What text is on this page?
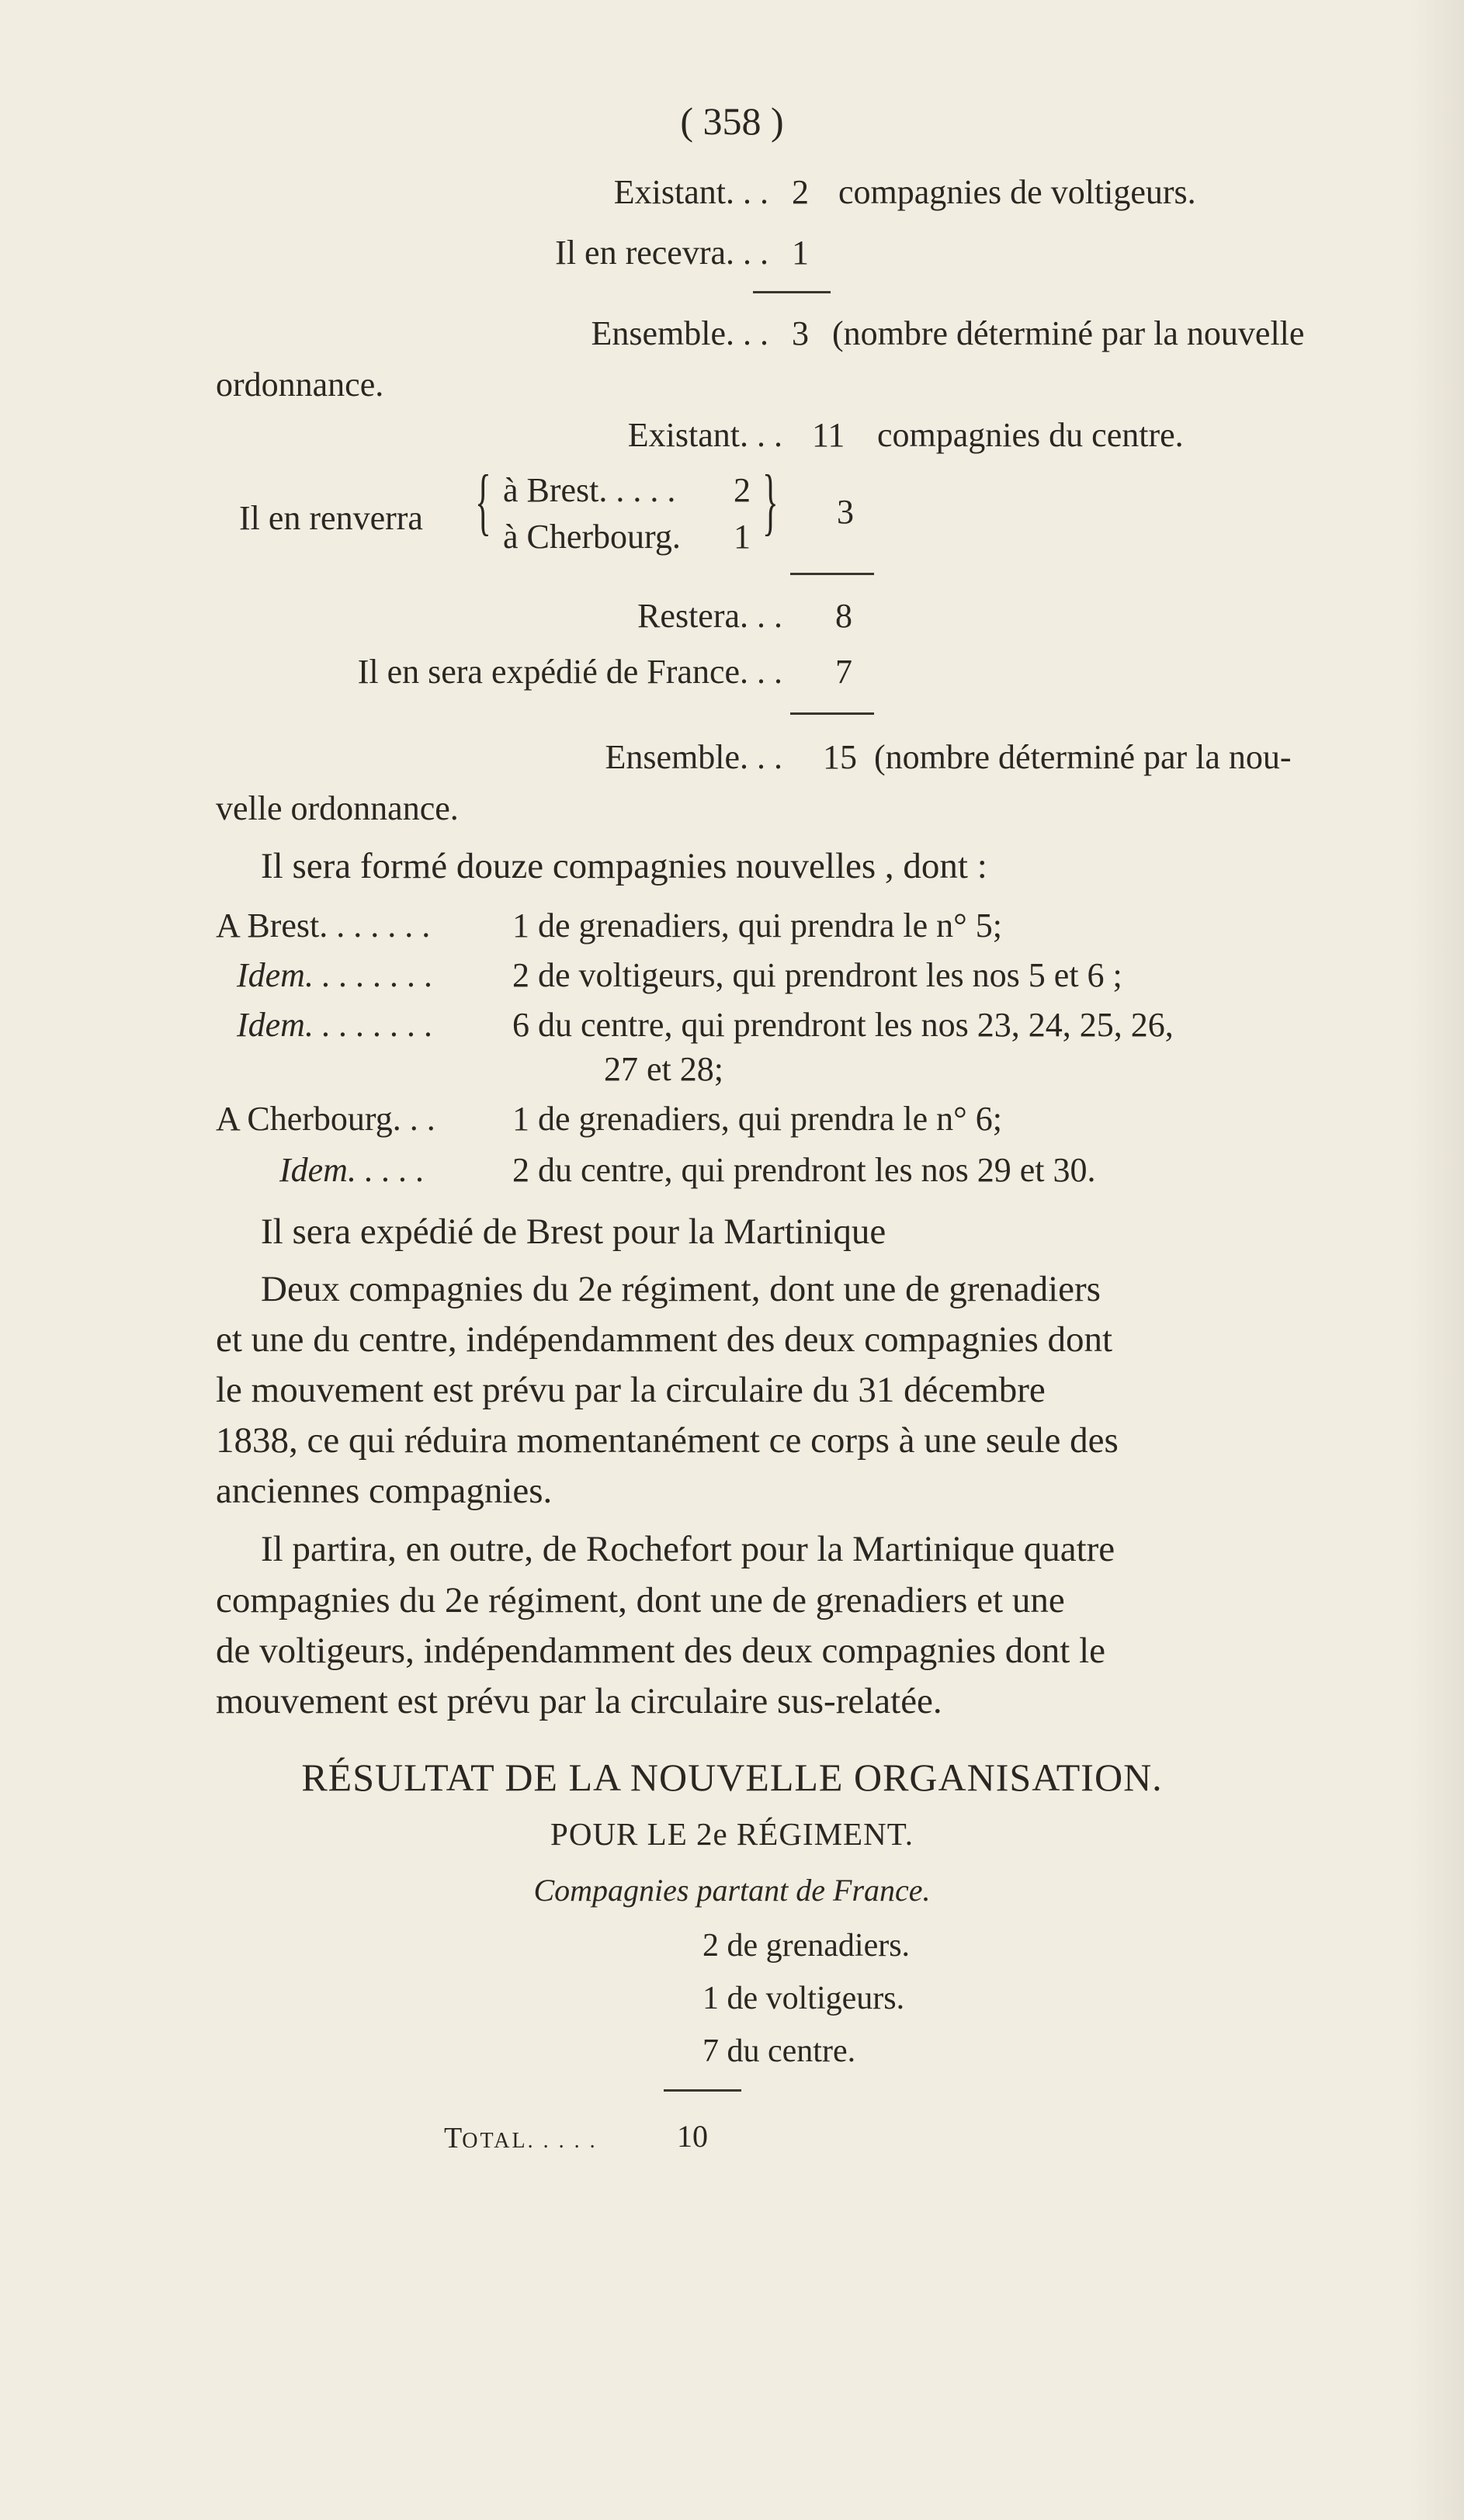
( 358 )
Existant. . . 2 compagnies de voltigeurs.
Il en recevra. . . 1
Ensemble. . . 3 (nombre déterminé par la nouvelle
ordonnance.
Existant. . . 11 compagnies du centre.
Il en renverra { à Brest. . . . . 2
à Cherbourg. 1 } 3
Restera. . . 8
Il en sera expédié de France. . . 7
Ensemble. . . 15 (nombre déterminé par la nou-
velle ordonnance.
Il sera formé douze compagnies nouvelles , dont :
A Brest. . . . . . . 1 de grenadiers, qui prendra le n° 5;
Idem. . . . . . . . 2 de voltigeurs, qui prendront les nos 5 et 6 ;
Idem. . . . . . . . 6 du centre, qui prendront les nos 23, 24, 25, 26,
27 et 28;
A Cherbourg. . . 1 de grenadiers, qui prendra le n° 6;
Idem. . . . .	2 du centre, qui prendront les nos 29 et 30.
Il sera expédié de Brest pour la Martinique
Deux compagnies du 2e régiment, dont une de grenadiers
et une du centre, indépendamment des deux compagnies dont
le mouvement est prévu par la circulaire du 31 décembre
1838, ce qui réduira momentanément ce corps à une seule des
anciennes compagnies.
Il partira, en outre, de Rochefort pour la Martinique quatre
compagnies du 2e régiment, dont une de grenadiers et une
de voltigeurs, indépendamment des deux compagnies dont le
mouvement est prévu par la circulaire sus-relatée.
RÉSULTAT DE LA NOUVELLE ORGANISATION.
POUR LE 2e RÉGIMENT.
Compagnies partant de France.
2 de grenadiers.
1 de voltigeurs.
7 du centre.
TOTAL. . . . .	10
